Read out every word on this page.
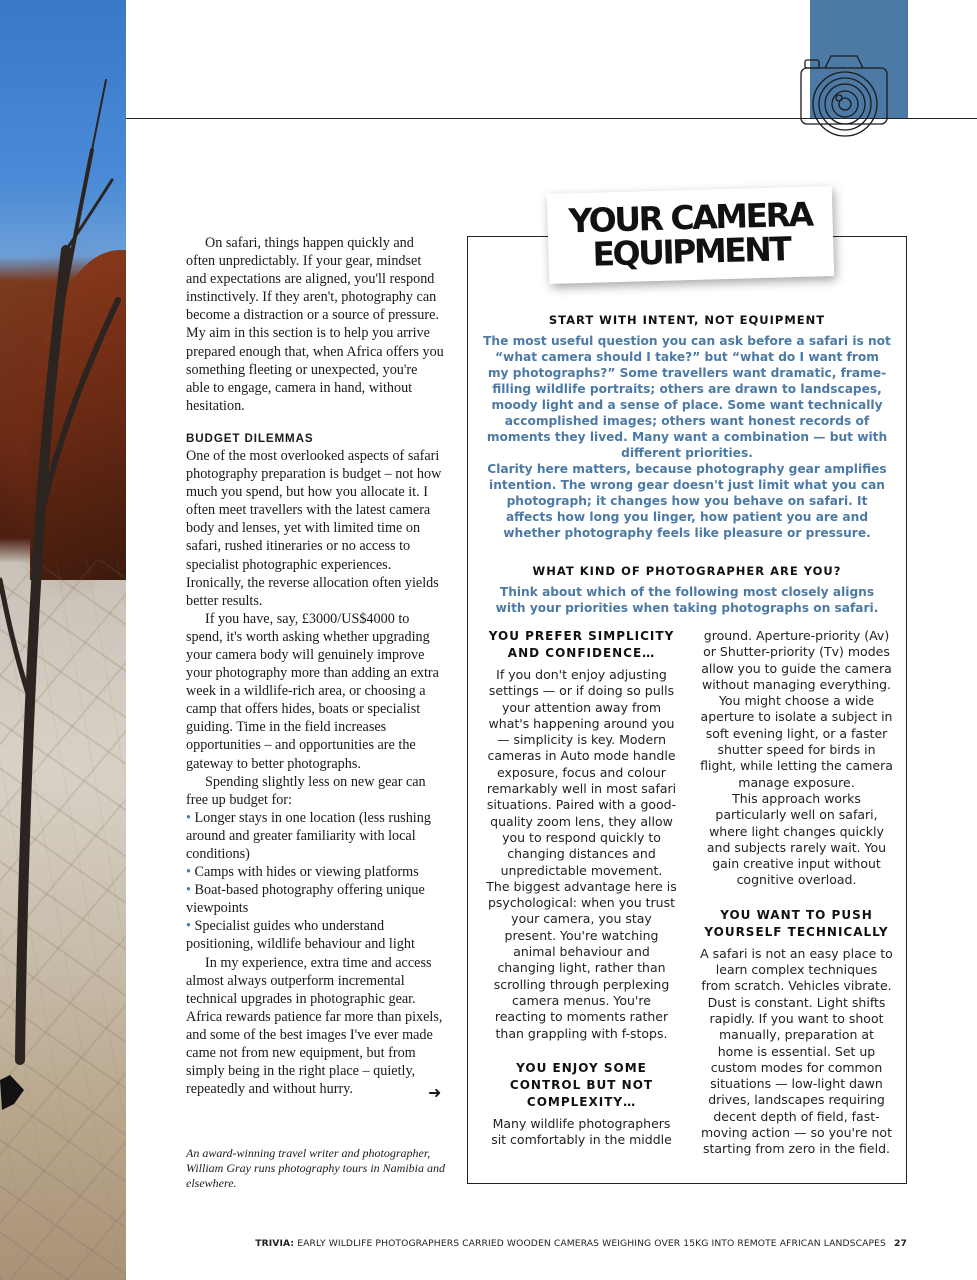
On safari, things happen quickly and often unpredictably. If your gear, mindset and expectations are aligned, you'll respond instinctively. If they aren't, photography can become a distraction or a source of pressure. My aim in this section is to help you arrive prepared enough that, when Africa offers you something fleeting or unexpected, you're able to engage, camera in hand, without hesitation.

BUDGET DILEMMAS

One of the most overlooked aspects of safari photography preparation is budget – not how much you spend, but how you allocate it. I often meet travellers with the latest camera body and lenses, yet with limited time on safari, rushed itineraries or no access to specialist photographic experiences. Ironically, the reverse allocation often yields better results.

If you have, say, £3000/US$4000 to spend, it's worth asking whether upgrading your camera body will genuinely improve your photography more than adding an extra week in a wildlife-rich area, or choosing a camp that offers hides, boats or specialist guiding. Time in the field increases opportunities – and opportunities are the gateway to better photographs.

Spending slightly less on new gear can free up budget for:

• Longer stays in one location (less rushing around and greater familiarity with local conditions)

• Camps with hides or viewing platforms

• Boat-based photography offering unique viewpoints

• Specialist guides who understand positioning, wildlife behaviour and light

In my experience, extra time and access almost always outperform incremental technical upgrades in photographic gear. Africa rewards patience far more than pixels, and some of the best images I've ever made came not from new equipment, but from simply being in the right place – quietly, repeatedly and without hurry.	➜
An award-winning travel writer and photographer, William Gray runs photography tours in Namibia and elsewhere.
YOUR CAMERA
EQUIPMENT
START WITH INTENT, NOT EQUIPMENT

The most useful question you can ask before a safari is not “what camera should I take?” but “what do I want from my photographs?” Some travellers want dramatic, frame-filling wildlife portraits; others are drawn to landscapes, moody light and a sense of place. Some want technically accomplished images; others want honest records of moments they lived. Many want a combination — but with different priorities.

Clarity here matters, because photography gear amplifies intention. The wrong gear doesn't just limit what you can photograph; it changes how you behave on safari. It affects how long you linger, how patient you are and whether photography feels like pleasure or pressure.

WHAT KIND OF PHOTOGRAPHER ARE YOU?

Think about which of the following most closely aligns with your priorities when taking photographs on safari.

YOU PREFER SIMPLICITY AND CONFIDENCE…

If you don't enjoy adjusting settings — or if doing so pulls your attention away from what's happening around you — simplicity is key. Modern cameras in Auto mode handle exposure, focus and colour remarkably well in most safari situations. Paired with a good-quality zoom lens, they allow you to respond quickly to changing distances and unpredictable movement.

The biggest advantage here is psychological: when you trust your camera, you stay present. You're watching animal behaviour and changing light, rather than scrolling through perplexing camera menus. You're reacting to moments rather than grappling with f-stops.

YOU ENJOY SOME CONTROL BUT NOT COMPLEXITY…

Many wildlife photographers sit comfortably in the middle

ground. Aperture-priority (Av) or Shutter-priority (Tv) modes allow you to guide the camera without managing everything. You might choose a wide aperture to isolate a subject in soft evening light, or a faster shutter speed for birds in flight, while letting the camera manage exposure.

This approach works particularly well on safari, where light changes quickly and subjects rarely wait. You gain creative input without cognitive overload.

YOU WANT TO PUSH YOURSELF TECHNICALLY

A safari is not an easy place to learn complex techniques from scratch. Vehicles vibrate. Dust is constant. Light shifts rapidly. If you want to shoot manually, preparation at home is essential. Set up custom modes for common situations — low-light dawn drives, landscapes requiring decent depth of field, fast-moving action — so you're not starting from zero in the field.

TRIVIA: EARLY WILDLIFE PHOTOGRAPHERS CARRIED WOODEN CAMERAS WEIGHING OVER 15KG INTO REMOTE AFRICAN LANDSCAPES 27
